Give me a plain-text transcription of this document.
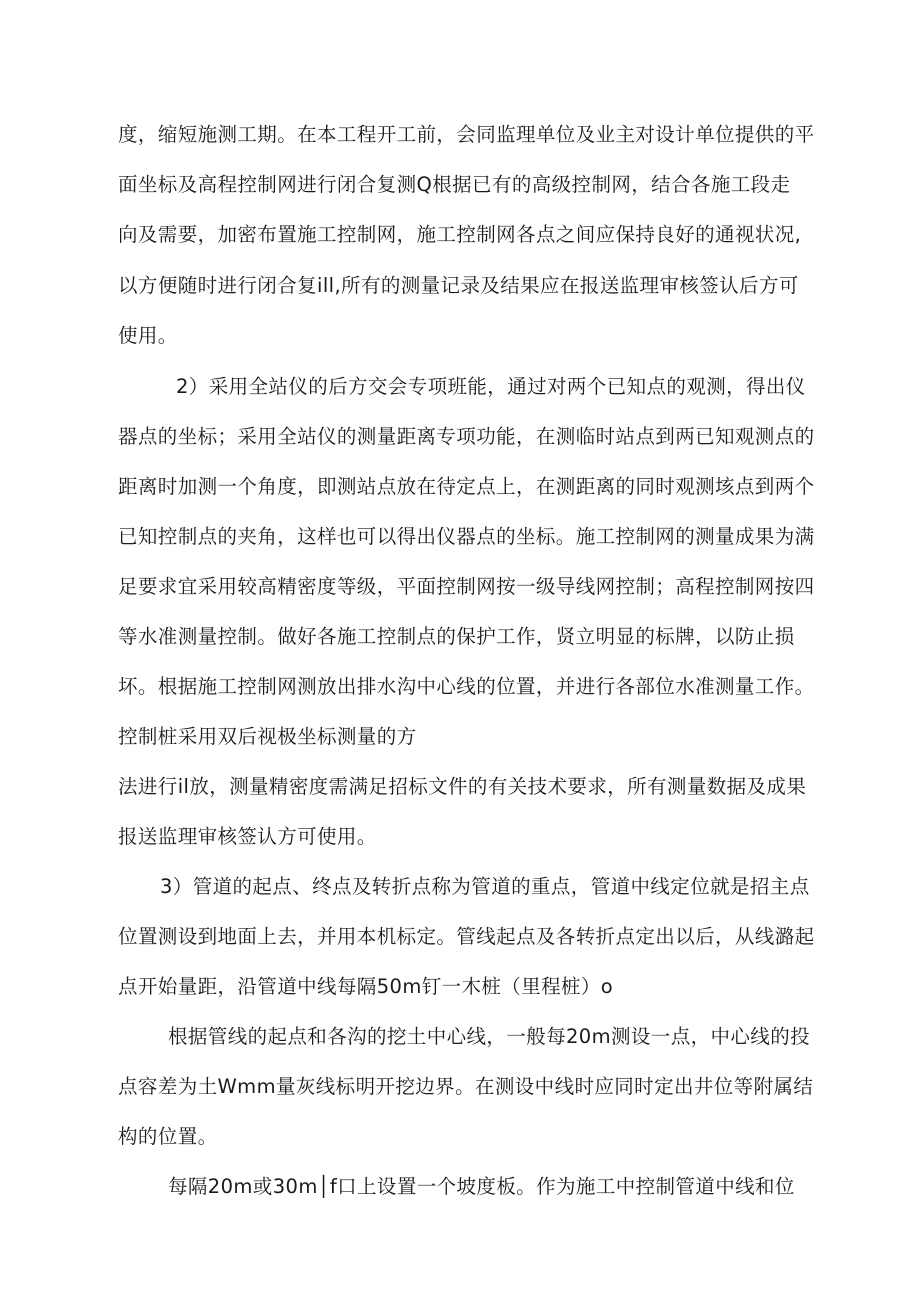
度，缩短施测工期。在本工程开工前，会同监理单位及业主对设计单位提供的平
面坐标及高程控制网进行闭合复测Q根据已有的高级控制网，结合各施工段走
向及需要，加密布置施工控制网，施工控制网各点之间应保持良好的通视状况,
以方便随时进行闭合复ill,所有的测量记录及结果应在报送监理审核签认后方可
使用。
2）采用全站仪的后方交会专项班能，通过对两个已知点的观测，得出仪
器点的坐标；采用全站仪的测量距离专项功能，在测临时站点到两已知观测点的
距离时加测一个角度，即测站点放在待定点上，在测距离的同时观测垓点到两个
已知控制点的夹角，这样也可以得出仪器点的坐标。施工控制网的测量成果为满
足要求宜采用较高精密度等级，平面控制网按一级导线网控制；高程控制网按四
等水准测量控制。做好各施工控制点的保护工作，贤立明显的标牌，以防止损
坏。根据施工控制网测放出排水沟中心线的位置，并进行各部位水准测量工作。
控制桩采用双后视极坐标测量的方
法进行il放，测量精密度需满足招标文件的有关技术要求，所有测量数据及成果
报送监理审核签认方可使用。
3）管道的起点、终点及转折点称为管道的重点，管道中线定位就是招主点
位置测设到地面上去，并用本机标定。管线起点及各转折点定出以后，从线潞起
点开始量距，沿管道中线每隔50m钉一木桩（里程桩）o
根据管线的起点和各沟的挖土中心线，一般每20m测设一点，中心线的投
点容差为土Wmm量灰线标明开挖边界。在测设中线时应同时定出井位等附属结
构的位置。
每隔20m或30m│f口上设置一个坡度板。作为施工中控制管道中线和位
